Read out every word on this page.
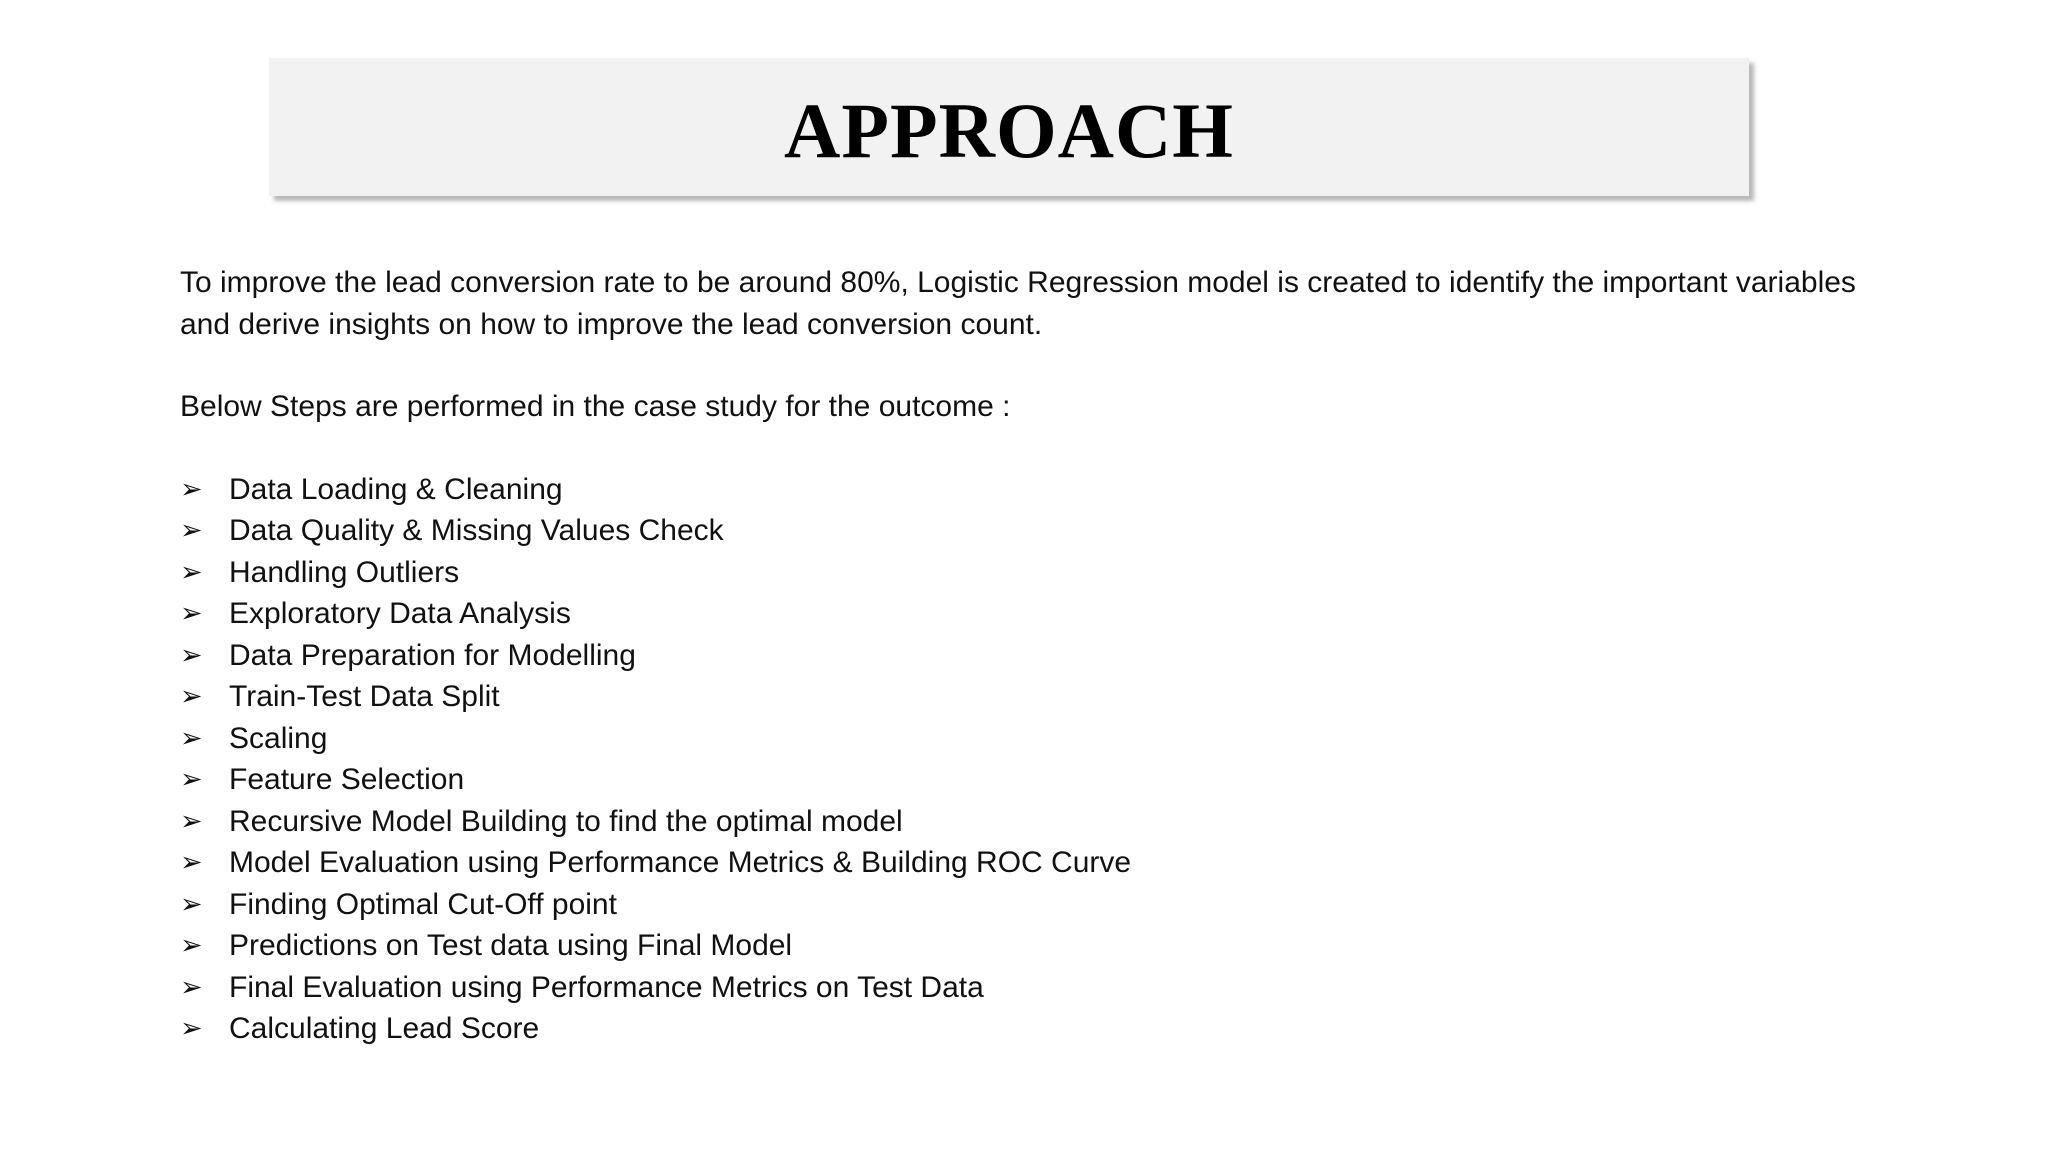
APPROACH

To improve the lead conversion rate to be around 80%, Logistic Regression model is created to identify the important variables and derive insights on how to improve the lead conversion count.

Below Steps are performed in the case study for the outcome :

➢ Data Loading & Cleaning
➢ Data Quality & Missing Values Check
➢ Handling Outliers
➢ Exploratory Data Analysis
➢ Data Preparation for Modelling
➢ Train-Test Data Split
➢ Scaling
➢ Feature Selection
➢ Recursive Model Building to find the optimal model
➢ Model Evaluation using Performance Metrics & Building ROC Curve
➢ Finding Optimal Cut-Off point
➢ Predictions on Test data using Final Model
➢ Final Evaluation using Performance Metrics on Test Data
➢ Calculating Lead Score
